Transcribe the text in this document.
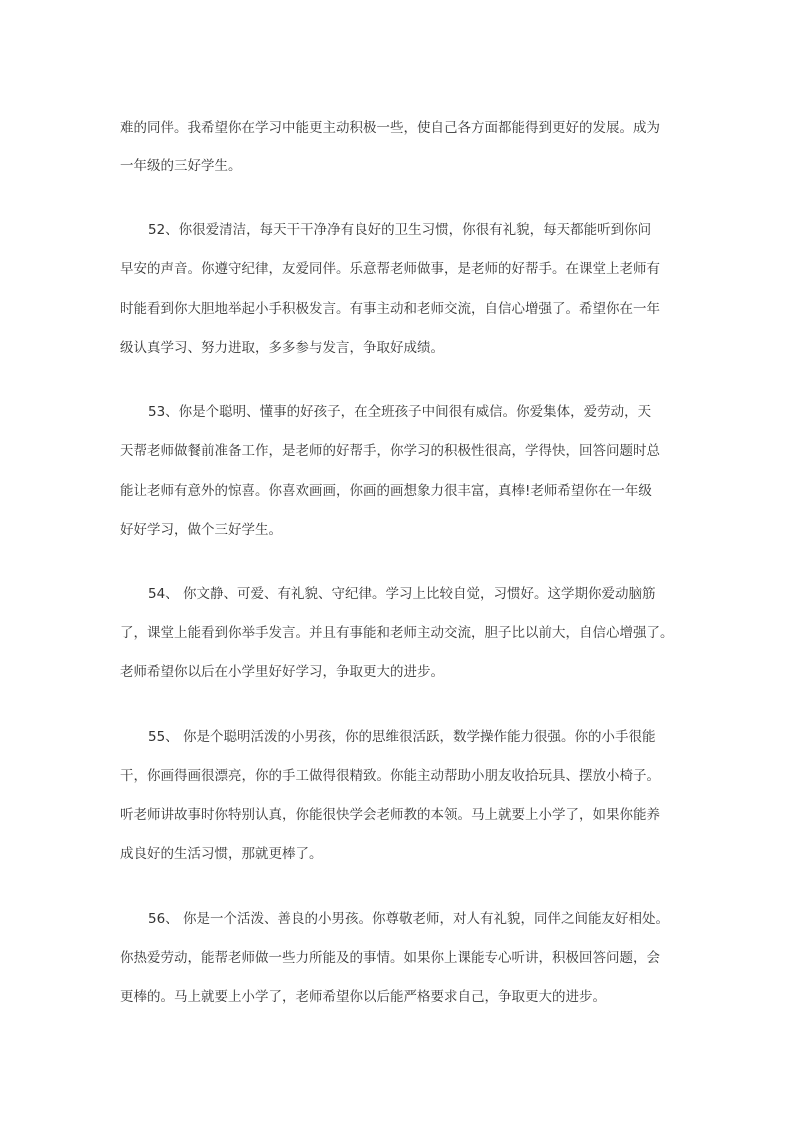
难的同伴。我希望你在学习中能更主动积极一些，使自己各方面都能得到更好的发展。成为
一年级的三好学生。
52、你很爱清洁，每天干干净净有良好的卫生习惯，你很有礼貌，每天都能听到你问
早安的声音。你遵守纪律，友爱同伴。乐意帮老师做事，是老师的好帮手。在课堂上老师有
时能看到你大胆地举起小手积极发言。有事主动和老师交流，自信心增强了。希望你在一年
级认真学习、努力进取，多多参与发言，争取好成绩。
53、你是个聪明、懂事的好孩子，在全班孩子中间很有威信。你爱集体，爱劳动，天
天帮老师做餐前准备工作，是老师的好帮手，你学习的积极性很高，学得快，回答问题时总
能让老师有意外的惊喜。你喜欢画画，你画的画想象力很丰富，真棒!老师希望你在一年级
好好学习，做个三好学生。
54、 你文静、可爱、有礼貌、守纪律。学习上比较自觉，习惯好。这学期你爱动脑筋
了，课堂上能看到你举手发言。并且有事能和老师主动交流，胆子比以前大，自信心增强了。
老师希望你以后在小学里好好学习，争取更大的进步。
55、 你是个聪明活泼的小男孩，你的思维很活跃，数学操作能力很强。你的小手很能
干，你画得画很漂亮，你的手工做得很精致。你能主动帮助小朋友收拾玩具、摆放小椅子。
听老师讲故事时你特别认真，你能很快学会老师教的本领。马上就要上小学了，如果你能养
成良好的生活习惯，那就更棒了。
56、 你是一个活泼、善良的小男孩。你尊敬老师，对人有礼貌，同伴之间能友好相处。
你热爱劳动，能帮老师做一些力所能及的事情。如果你上课能专心听讲，积极回答问题，会
更棒的。马上就要上小学了，老师希望你以后能严格要求自己，争取更大的进步。
